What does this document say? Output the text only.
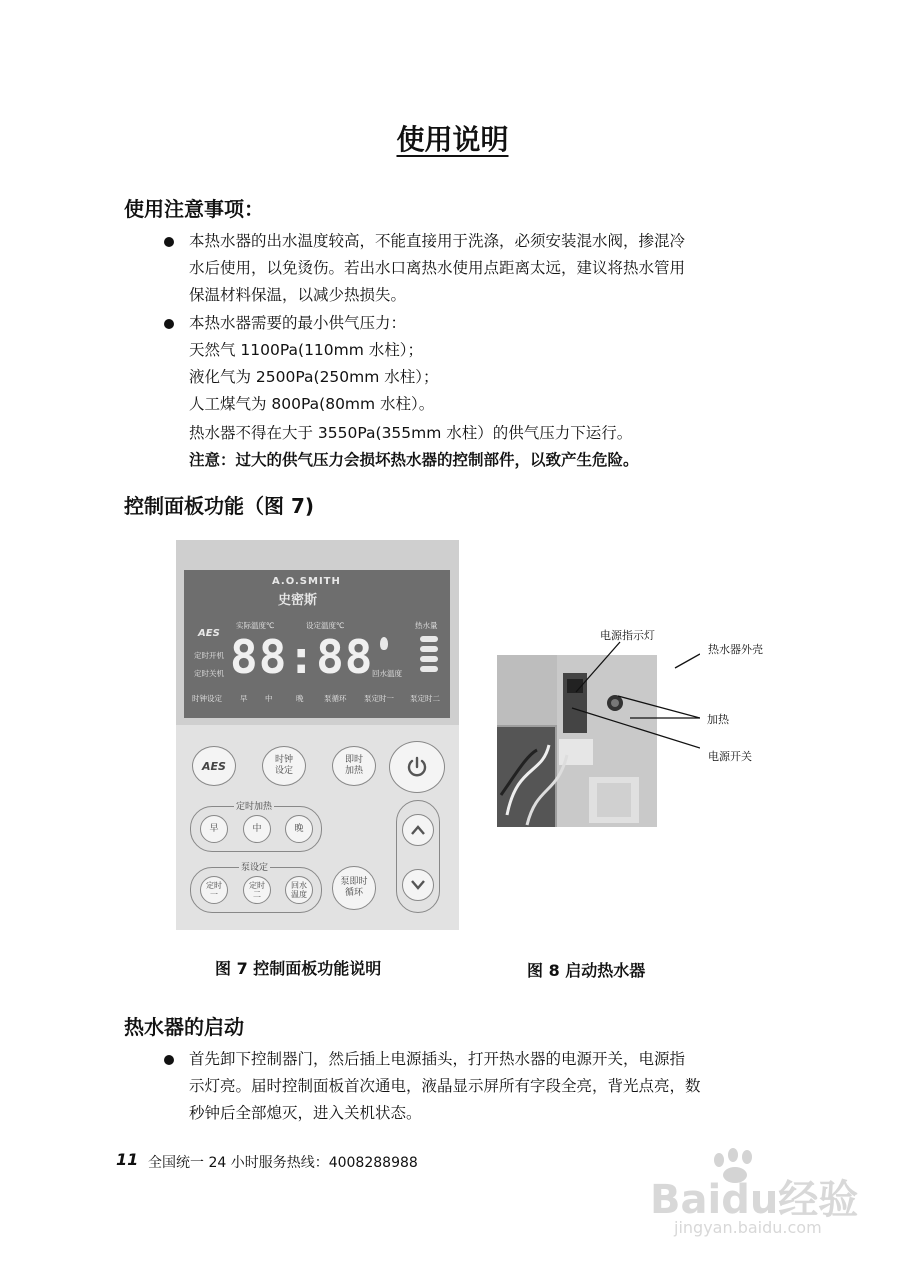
使用说明
使用注意事项：
本热水器的出水温度较高，不能直接用于洗涤，必须安装混水阀，掺混冷
水后使用，以免烫伤。若出水口离热水使用点距离太远，建议将热水管用
保温材料保温，以减少热损失。
本热水器需要的最小供气压力：
天然气 1100Pa(110mm 水柱）；
液化气为 2500Pa(250mm 水柱）；
人工煤气为 800Pa(80mm 水柱）。
热水器不得在大于 3550Pa(355mm 水柱）的供气压力下运行。
注意：过大的供气压力会损坏热水器的控制部件，以致产生危险。
控制面板功能（图 7)
A.O.SMITH
史密斯
AES
实际温度℃	设定温度℃	热水量
定时开机
定时关机 88:88
回水温度
时钟设定 早 中	晚	泵循环 泵定时一 泵定时二
AES	时钟
设定
即时
加热
定时加热
早	中	晚
泵设定
定时
一
定时
二
回水
温度
泵即时
循环
电源指示灯
热水器外壳
加热
电源开关
图 7 控制面板功能说明	图 8 启动热水器
热水器的启动
首先卸下控制器门，然后插上电源插头，打开热水器的电源开关，电源指
示灯亮。届时控制面板首次通电，液晶显示屏所有字段全亮，背光点亮，数
秒钟后全部熄灭，进入关机状态。
11 全国统一 24 小时服务热线：4008288988
Baidu经验
jingyan.baidu.com
